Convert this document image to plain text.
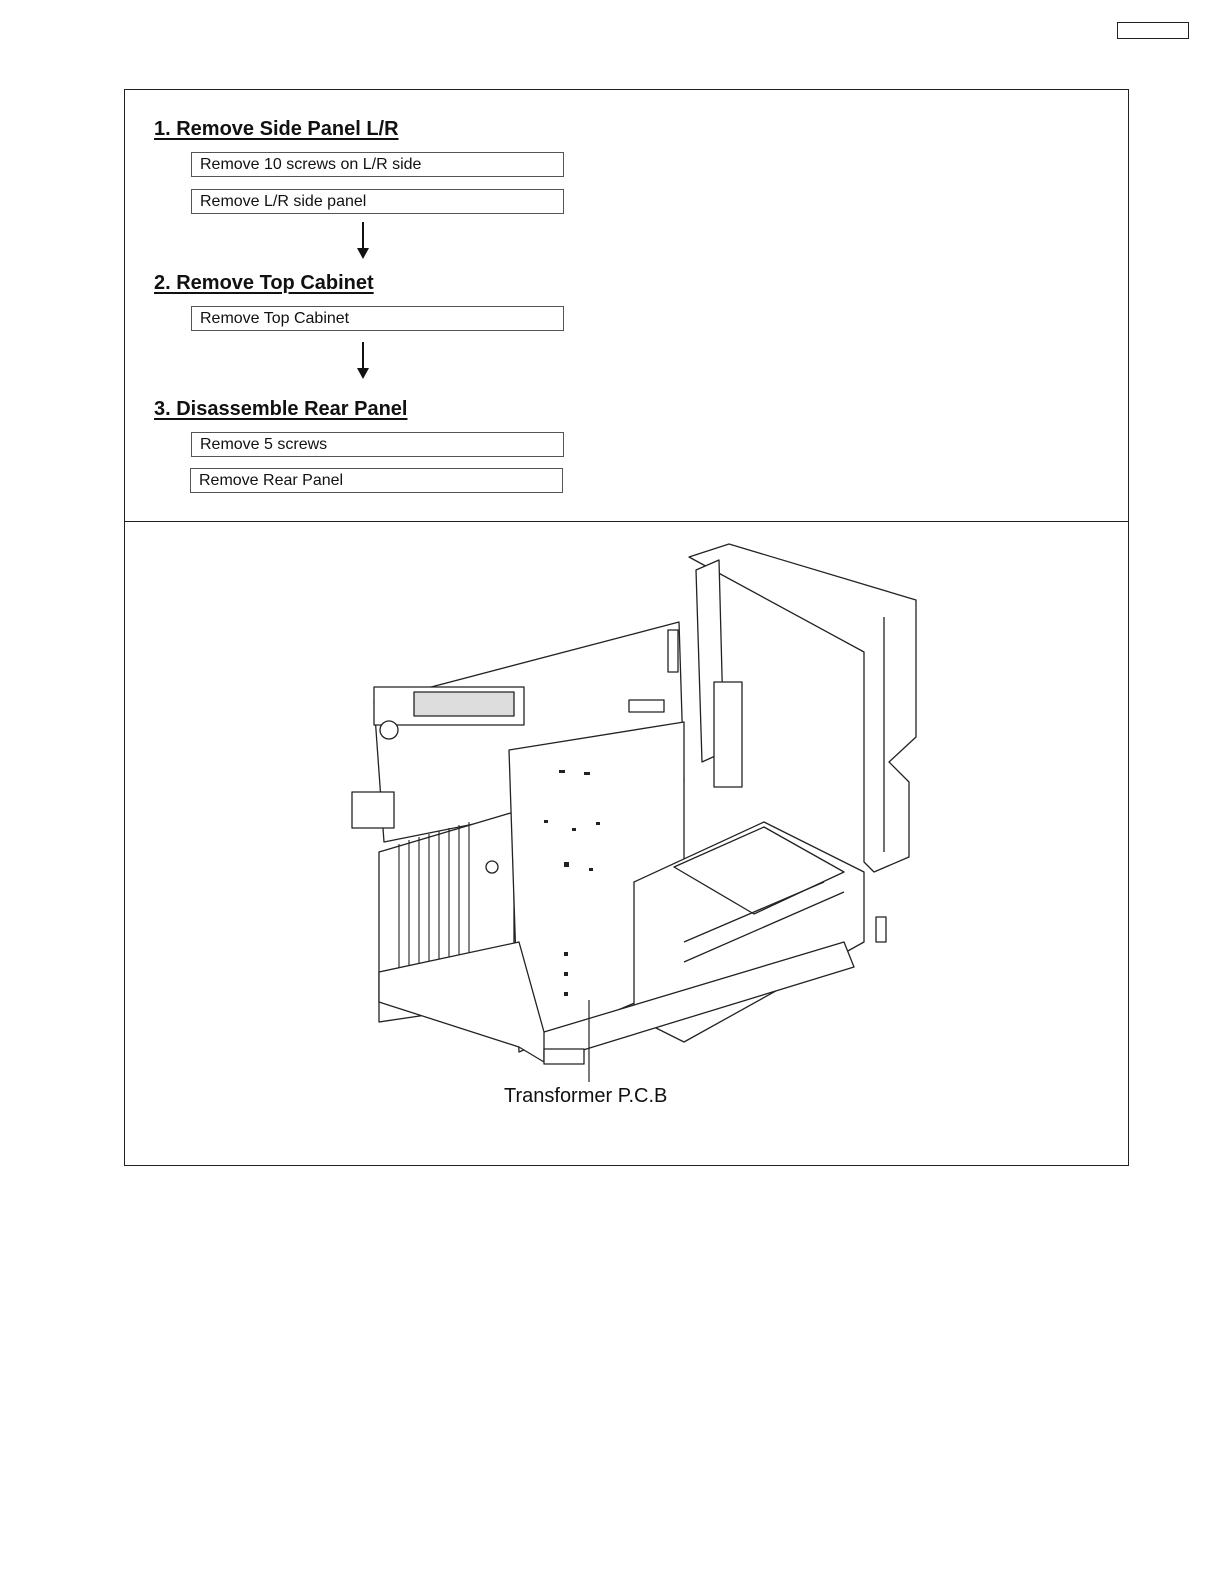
1. Remove Side Panel L/R
Remove 10 screws on L/R side
Remove L/R side panel
2. Remove Top Cabinet
Remove Top Cabinet
3. Disassemble Rear Panel
Remove 5 screws
Remove Rear Panel
Transformer P.C.B
